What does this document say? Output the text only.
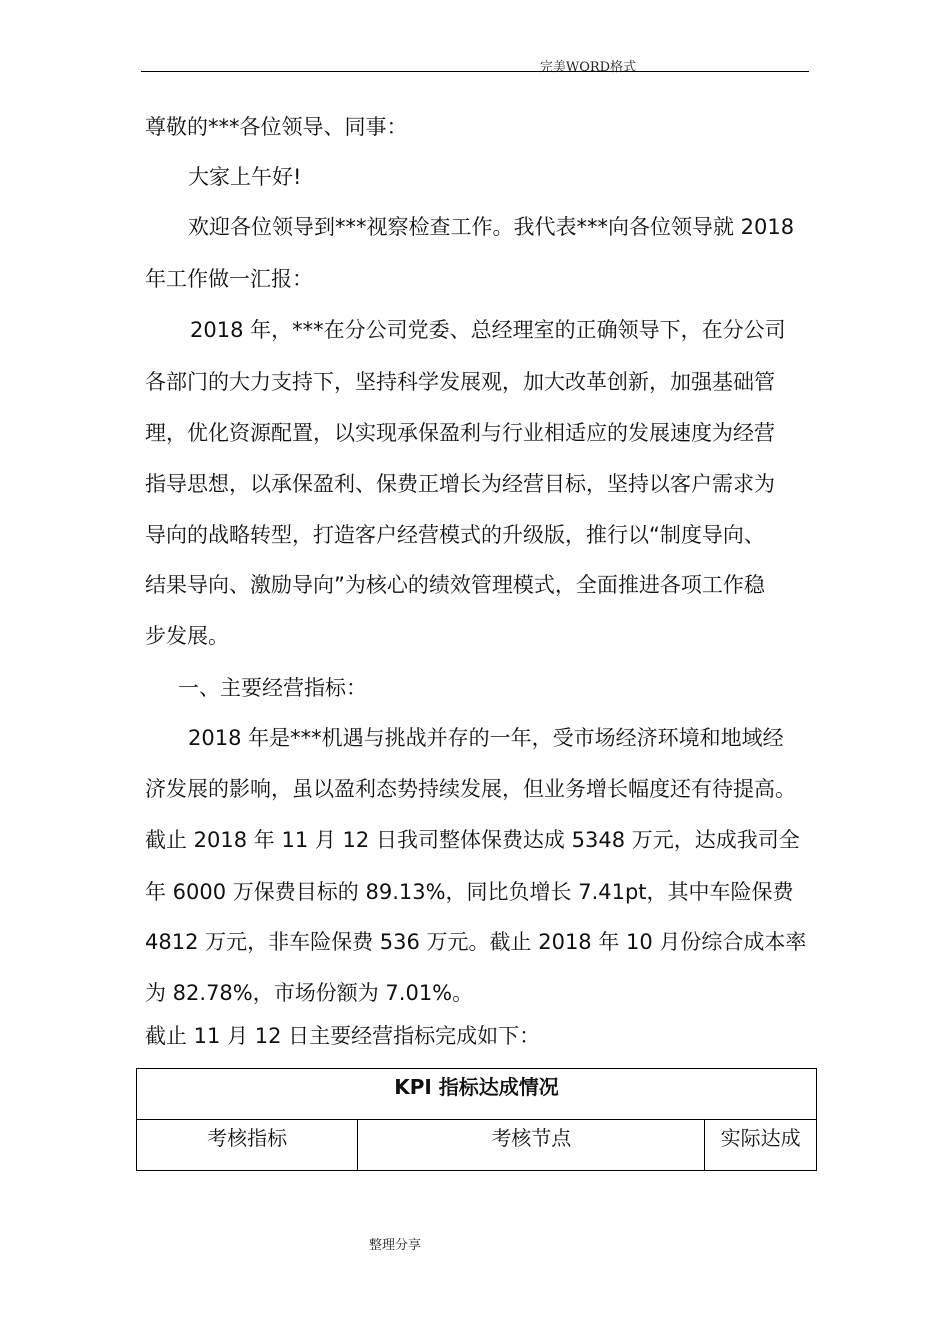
完美WORD格式
尊敬的***各位领导、同事：
大家上午好!
欢迎各位领导到***视察检查工作。我代表***向各位领导就 2018
年工作做一汇报：
2018 年，***在分公司党委、总经理室的正确领导下，在分公司
各部门的大力支持下，坚持科学发展观，加大改革创新，加强基础管
理，优化资源配置，以实现承保盈利与行业相适应的发展速度为经营
指导思想，以承保盈利、保费正增长为经营目标，坚持以客户需求为
导向的战略转型，打造客户经营模式的升级版，推行以“制度导向、
结果导向、激励导向”为核心的绩效管理模式，全面推进各项工作稳
步发展。
一、主要经营指标：
2018 年是***机遇与挑战并存的一年，受市场经济环境和地域经
济发展的影响，虽以盈利态势持续发展，但业务增长幅度还有待提高。
截止 2018 年 11 月 12 日我司整体保费达成 5348 万元，达成我司全
年 6000 万保费目标的 89.13%，同比负增长 7.41pt，其中车险保费
4812 万元，非车险保费 536 万元。截止 2018 年 10 月份综合成本率
为 82.78%，市场份额为 7.01%。
截止 11 月 12 日主要经营指标完成如下：
KPI 指标达成情况
考核指标	考核节点	实际达成
整理分享
